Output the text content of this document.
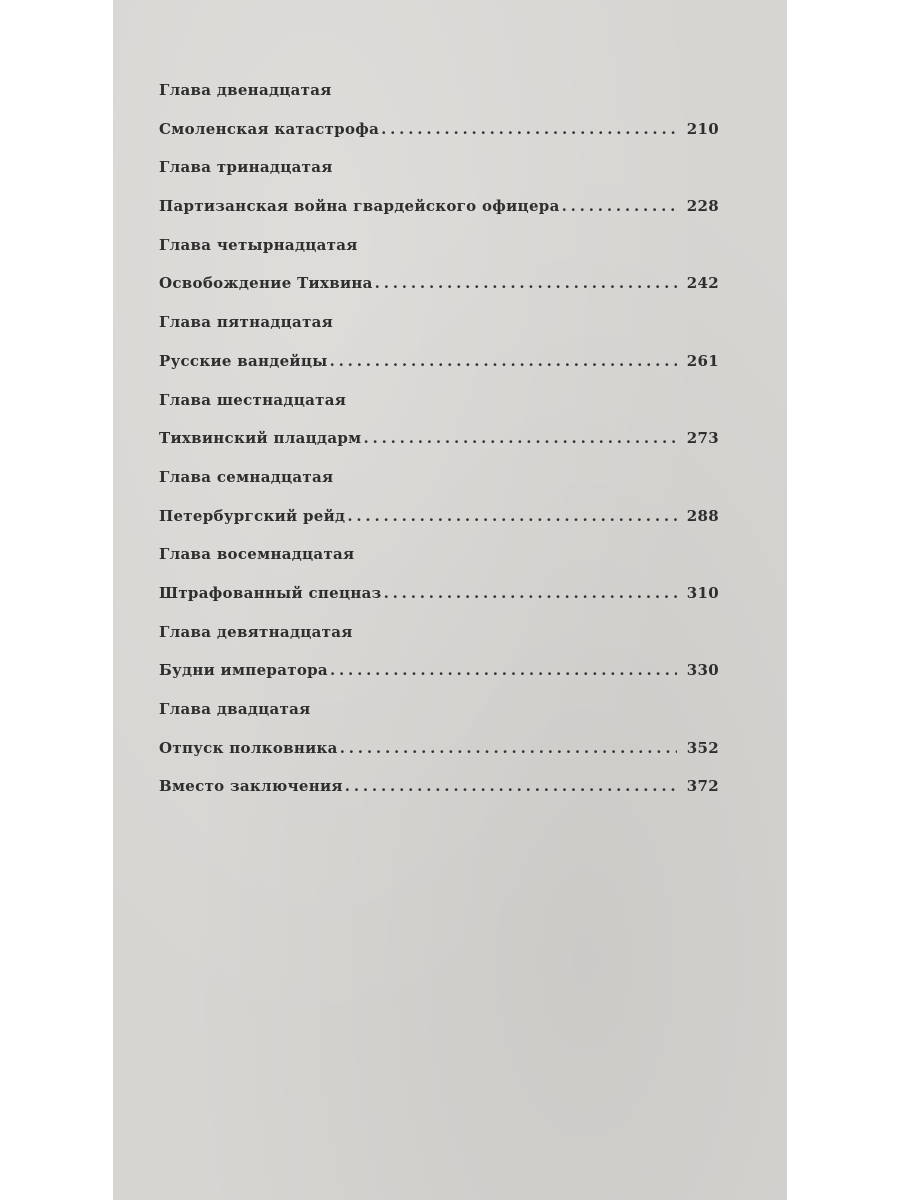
Глава двенадцатая
Смоленская катастрофа . . .	210
Глава тринадцатая
Партизанская война гвардейского офицера . . .	228
Глава четырнадцатая
Освобождение Тихвина . . .	242
Глава пятнадцатая
Русские вандейцы . . .	261
Глава шестнадцатая
Тихвинский плацдарм . . .	273
Глава семнадцатая
Петербургский рейд . . .	288
Глава восемнадцатая
Штрафованный спецназ . . .	310
Глава девятнадцатая
Будни императора . . .	330
Глава двадцатая
Отпуск полковника . . .	352
Вместо заключения . . .	372
